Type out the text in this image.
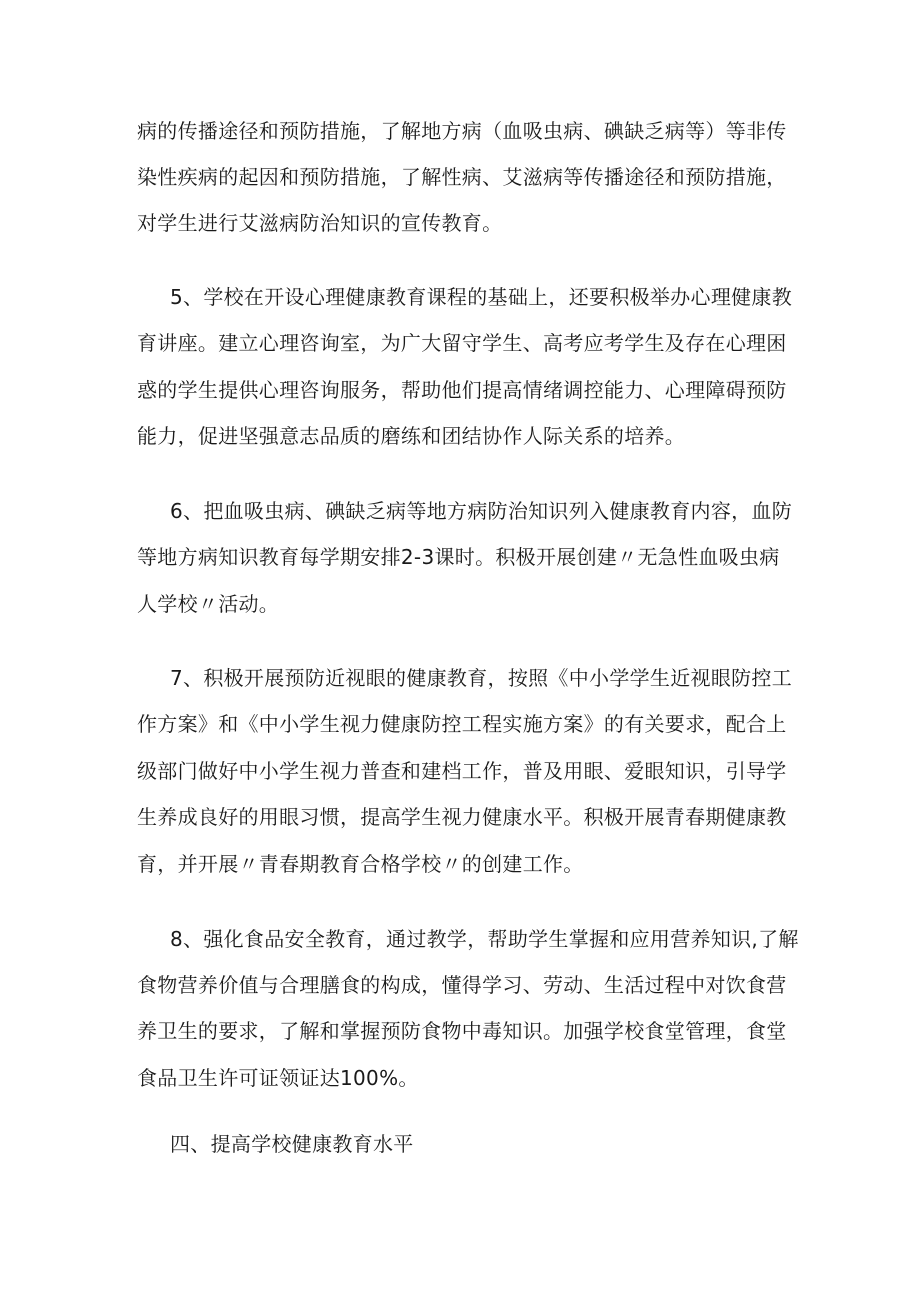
病的传播途径和预防措施，了解地方病（血吸虫病、碘缺乏病等）等非传

染性疾病的起因和预防措施，了解性病、艾滋病等传播途径和预防措施，

对学生进行艾滋病防治知识的宣传教育。

5、学校在开设心理健康教育课程的基础上，还要积极举办心理健康教

育讲座。建立心理咨询室，为广大留守学生、高考应考学生及存在心理困

惑的学生提供心理咨询服务，帮助他们提高情绪调控能力、心理障碍预防

能力，促进坚强意志品质的磨练和团结协作人际关系的培养。

6、把血吸虫病、碘缺乏病等地方病防治知识列入健康教育内容，血防

等地方病知识教育每学期安排2-3课时。积极开展创建〃无急性血吸虫病

人学校〃活动。

7、积极开展预防近视眼的健康教育，按照《中小学学生近视眼防控工

作方案》和《中小学生视力健康防控工程实施方案》的有关要求，配合上

级部门做好中小学生视力普查和建档工作，普及用眼、爱眼知识，引导学

生养成良好的用眼习惯，提高学生视力健康水平。积极开展青春期健康教

育，并开展〃青春期教育合格学校〃的创建工作。

8、强化食品安全教育，通过教学，帮助学生掌握和应用营养知识,了解

食物营养价值与合理膳食的构成，懂得学习、劳动、生活过程中对饮食营

养卫生的要求，了解和掌握预防食物中毒知识。加强学校食堂管理，食堂

食品卫生许可证领证达100%。

四、提高学校健康教育水平
